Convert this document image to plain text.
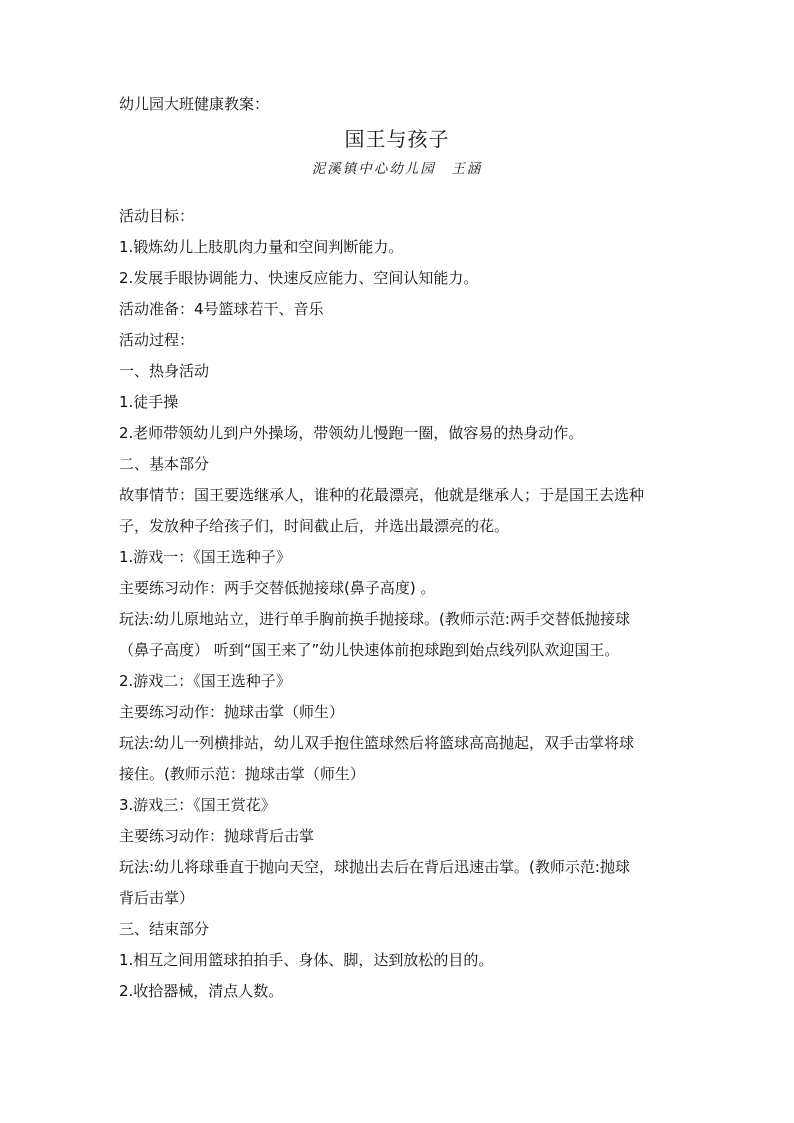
幼儿园大班健康教案：
国王与孩子
泥溪镇中心幼儿园　王涵

活动目标：

1.锻炼幼儿上肢肌肉力量和空间判断能力。

2.发展手眼协调能力、快速反应能力、空间认知能力。

活动准备：4号篮球若干、音乐

活动过程：

一、热身活动

1.徒手操

2.老师带领幼儿到户外操场，带领幼儿慢跑一圈，做容易的热身动作。

二、基本部分

故事情节：国王要选继承人，谁种的花最漂亮，他就是继承人；于是国王去选种

子，发放种子给孩子们，时间截止后，并选出最漂亮的花。

1.游戏一：《国王选种子》

主要练习动作：两手交替低抛接球(鼻子高度) 。

玩法:幼儿原地站立，进行单手胸前换手抛接球。(教师示范:两手交替低抛接球

（鼻子高度） 听到“国王来了”幼儿快速体前抱球跑到始点线列队欢迎国王。

2.游戏二：《国王选种子》

主要练习动作：抛球击掌（师生）

玩法:幼儿一列横排站，幼儿双手抱住篮球然后将篮球高高抛起，双手击掌将球

接住。(教师示范：抛球击掌（师生）

3.游戏三：《国王赏花》

主要练习动作：抛球背后击掌

玩法:幼儿将球垂直于抛向天空，球抛出去后在背后迅速击掌。(教师示范:抛球

背后击掌）

三、结束部分

1.相互之间用篮球拍拍手、身体、脚，达到放松的目的。

2.收拾器械，清点人数。
